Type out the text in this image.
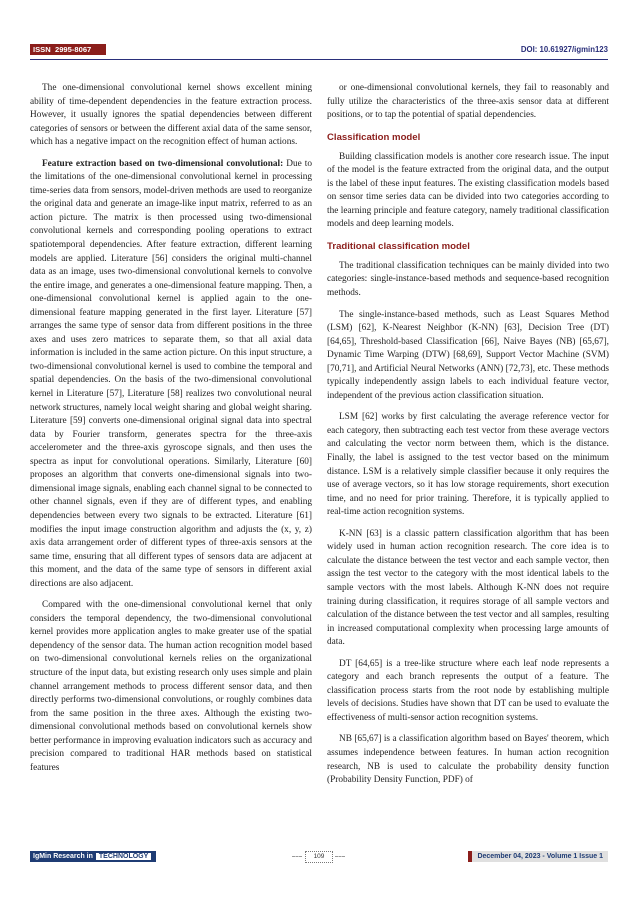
ISSN 2995-8067	DOI: 10.61927/igmin123

The one-dimensional convolutional kernel shows excellent mining ability of time-dependent dependencies in the feature extraction process. However, it usually ignores the spatial dependencies between different categories of sensors or between the different axial data of the same sensor, which has a negative impact on the recognition effect of human actions.

Feature extraction based on two-dimensional convolutional: Due to the limitations of the one-dimensional convolutional kernel in processing time-series data from sensors, model-driven methods are used to reorganize the original data and generate an image-like input matrix, referred to as an action picture. The matrix is then processed using two-dimensional convolutional kernels and corresponding pooling operations to extract spatiotemporal dependencies. After feature extraction, different learning models are applied. Literature [56] considers the original multi-channel data as an image, uses two-dimensional convolutional kernels to convolve the entire image, and generates a one-dimensional feature mapping. Then, a one-dimensional convolutional kernel is applied again to the one-dimensional feature mapping generated in the first layer. Literature [57] arranges the same type of sensor data from different positions in the three axes and uses zero matrices to separate them, so that all axial data information is included in the same action picture. On this input structure, a two-dimensional convolutional kernel is used to combine the temporal and spatial dependencies. On the basis of the two-dimensional convolutional kernel in Literature [57], Literature [58] realizes two convolutional neural network structures, namely local weight sharing and global weight sharing. Literature [59] converts one-dimensional original signal data into spectral data by Fourier transform, generates spectra for the three-axis accelerometer and the three-axis gyroscope signals, and then uses the spectra as input for convolutional operations. Similarly, Literature [60] proposes an algorithm that converts one-dimensional signals into two-dimensional image signals, enabling each channel signal to be connected to other channel signals, even if they are of different types, and enabling dependencies between every two signals to be extracted. Literature [61] modifies the input image construction algorithm and adjusts the (x, y, z) axis data arrangement order of different types of three-axis sensors at the same time, ensuring that all different types of sensors data are adjacent at this moment, and the data of the same type of sensors in different axial directions are also adjacent.

Compared with the one-dimensional convolutional kernel that only considers the temporal dependency, the two-dimensional convolutional kernel provides more application angles to make greater use of the spatial dependency of the sensor data. The human action recognition model based on two-dimensional convolutional kernels relies on the organizational structure of the input data, but existing research only uses simple and plain channel arrangement methods to process different sensor data, and then directly performs two-dimensional convolutions, or roughly combines data from the same position in the three axes. Although the existing two-dimensional convolutional methods based on convolutional kernels show better performance in improving evaluation indicators such as accuracy and precision compared to traditional HAR methods based on statistical features

or one-dimensional convolutional kernels, they fail to reasonably and fully utilize the characteristics of the three-axis sensor data at different positions, or to tap the potential of spatial dependencies.

Classification model

Building classification models is another core research issue. The input of the model is the feature extracted from the original data, and the output is the label of these input features. The existing classification models based on sensor time series data can be divided into two categories according to the learning principle and feature category, namely traditional classification models and deep learning models.

Traditional classification model

The traditional classification techniques can be mainly divided into two categories: single-instance-based methods and sequence-based recognition methods.

The single-instance-based methods, such as Least Squares Method (LSM) [62], K-Nearest Neighbor (K-NN) [63], Decision Tree (DT) [64,65], Threshold-based Classification [66], Naive Bayes (NB) [65,67], Dynamic Time Warping (DTW) [68,69], Support Vector Machine (SVM) [70,71], and Artificial Neural Networks (ANN) [72,73], etc. These methods typically independently assign labels to each individual feature vector, independent of the previous action classification situation.

LSM [62] works by first calculating the average reference vector for each category, then subtracting each test vector from these average vectors and calculating the vector norm between them, which is the distance. Finally, the label is assigned to the test vector based on the minimum distance. LSM is a relatively simple classifier because it only requires the use of average vectors, so it has low storage requirements, short execution time, and no need for prior training. Therefore, it is typically applied to real-time action recognition systems.

K-NN [63] is a classic pattern classification algorithm that has been widely used in human action recognition research. The core idea is to calculate the distance between the test vector and each sample vector, then assign the test vector to the category with the most identical labels to the sample vectors with the most labels. Although K-NN does not require training during classification, it requires storage of all sample vectors and calculation of the distance between the test vector and all samples, resulting in increased computational complexity when processing large amounts of data.

DT [64,65] is a tree-like structure where each leaf node represents a category and each branch represents the output of a feature. The classification process starts from the root node by establishing multiple levels of decisions. Studies have shown that DT can be used to evaluate the effectiveness of multi-sensor action recognition systems.

NB [65,67] is a classification algorithm based on Bayes' theorem, which assumes independence between features. In human action recognition research, NB is used to calculate the probability density function (Probability Density Function, PDF) of

IgMin Research in TECHNOLOGY	109	December 04, 2023 - Volume 1 Issue 1
